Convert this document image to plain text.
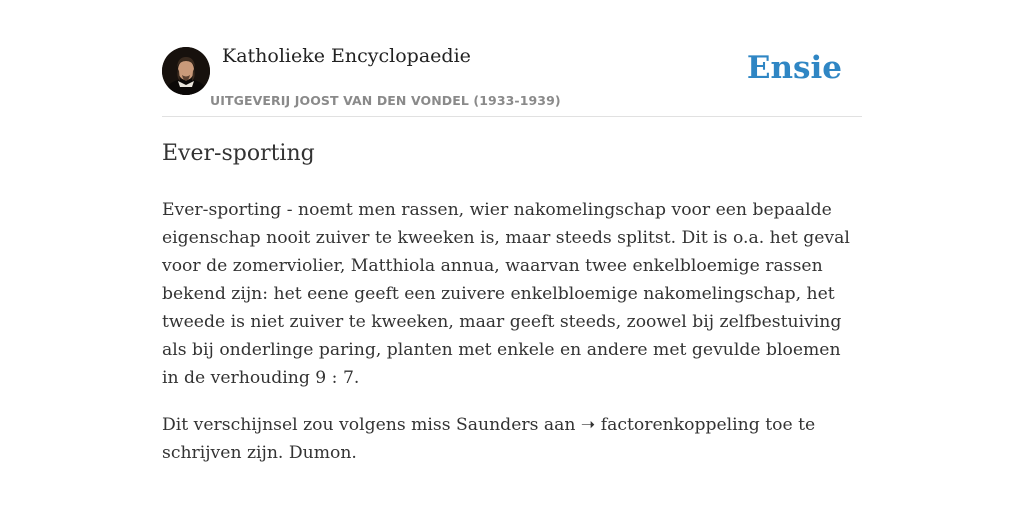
Katholieke Encyclopaedie
UITGEVERIJ JOOST VAN DEN VONDEL (1933-1939)
Ensie
Ever-sporting

Ever-sporting - noemt men rassen, wier nakomelingschap voor een bepaalde eigenschap nooit zuiver te kweeken is, maar steeds splitst. Dit is o.a. het geval voor de zomerviolier, Matthiola annua, waarvan twee enkelbloemige rassen bekend zijn: het eene geeft een zuivere enkelbloemige nakomelingschap, het tweede is niet zuiver te kweeken, maar geeft steeds, zoowel bij zelfbestuiving als bij onderlinge paring, planten met enkele en andere met gevulde bloemen in de verhouding 9 : 7.

Dit verschijnsel zou volgens miss Saunders aan ➝ factorenkoppeling toe te schrijven zijn. Dumon.
